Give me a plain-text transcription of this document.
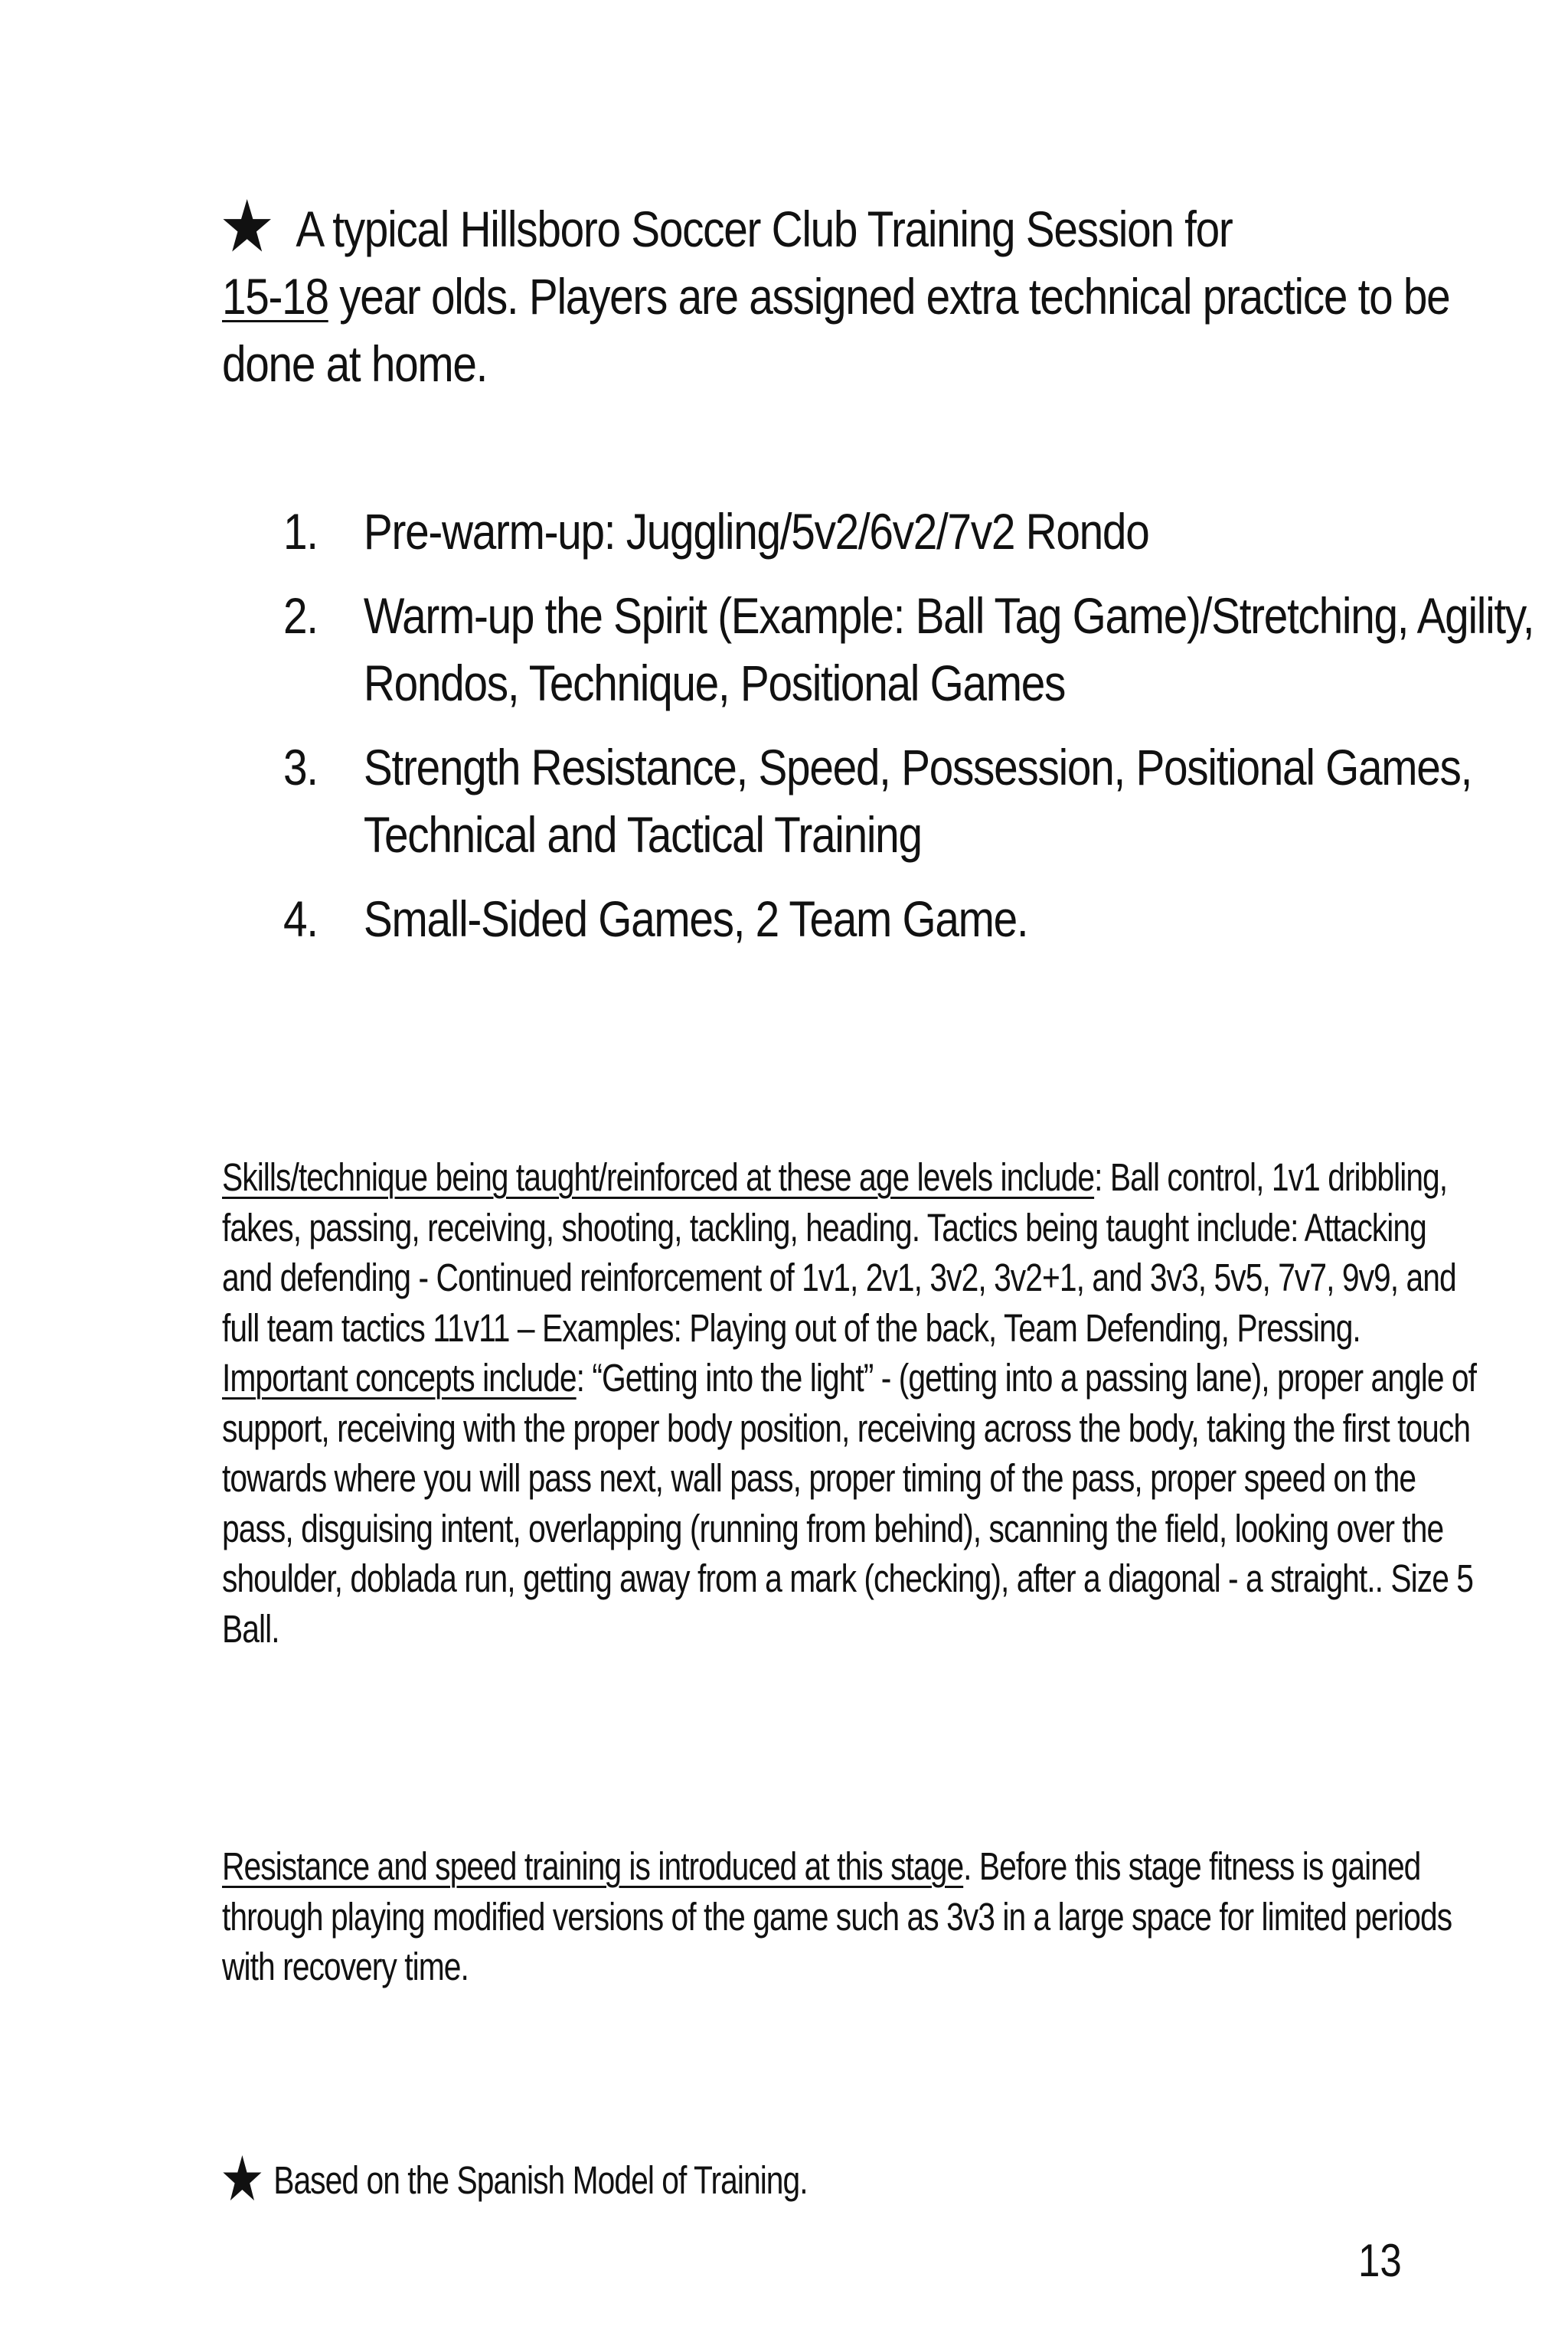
A typical Hillsboro Soccer Club Training Session for
15-18 year olds. Players are assigned extra technical practice to be done at home.
1. Pre-warm-up: Juggling/5v2/6v2/7v2 Rondo
2. Warm-up the Spirit (Example: Ball Tag Game)/Stretching, Agility, Rondos, Technique, Positional Games
3. Strength Resistance, Speed, Possession, Positional Games, Technical and Tactical Training
4. Small-Sided Games, 2 Team Game.

Skills/technique being taught/reinforced at these age levels include: Ball control, 1v1 dribbling, fakes, passing, receiving, shooting, tackling, heading. Tactics being taught include: Attacking and defending - Continued reinforcement of 1v1, 2v1, 3v2, 3v2+1, and 3v3, 5v5, 7v7, 9v9, and full team tactics 11v11 – Examples: Playing out of the back, Team Defending, Pressing. Important concepts include: “Getting into the light” - (getting into a passing lane), proper angle of support, receiving with the proper body position, receiving across the body, taking the first touch towards where you will pass next, wall pass, proper timing of the pass, proper speed on the pass, disguising intent, overlapping (running from behind), scanning the field, looking over the shoulder, doblada run, getting away from a mark (checking), after a diagonal - a straight.. Size 5 Ball.

Resistance and speed training is introduced at this stage. Before this stage fitness is gained through playing modified versions of the game such as 3v3 in a large space for limited periods with recovery time.

Based on the Spanish Model of Training.
13
